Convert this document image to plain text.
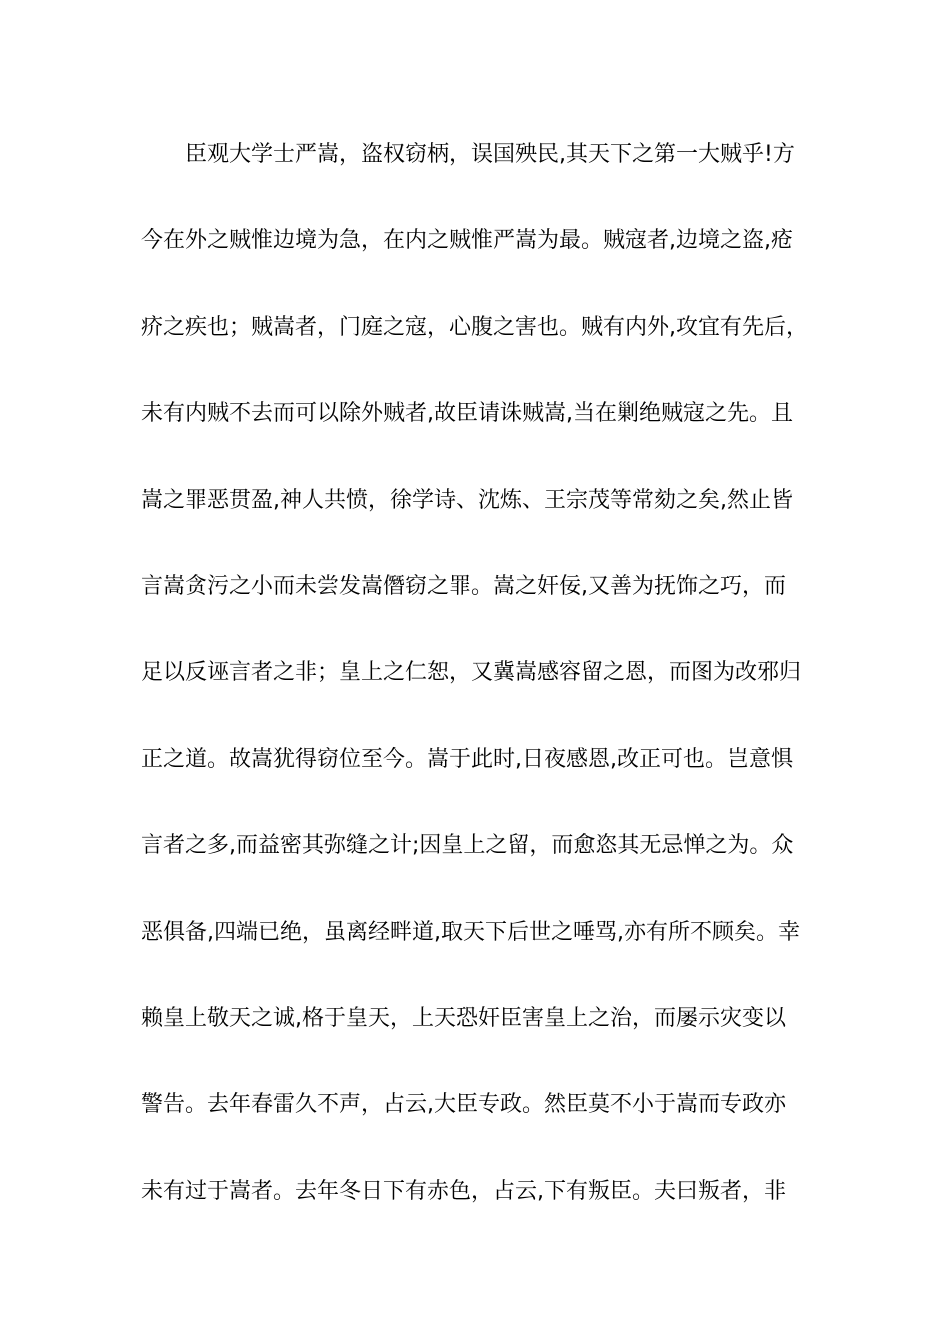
臣观大学士严嵩，盗权窃柄，误国殃民,其天下之第一大贼乎!方
今在外之贼惟边境为急，在内之贼惟严嵩为最。贼寇者,边境之盗,疮
疥之疾也；贼嵩者，门庭之寇，心腹之害也。贼有内外,攻宜有先后，
未有内贼不去而可以除外贼者,故臣请诛贼嵩,当在剿绝贼寇之先。且
嵩之罪恶贯盈,神人共愤，徐学诗、沈炼、王宗茂等常劾之矣,然止皆
言嵩贪污之小而未尝发嵩僭窃之罪。嵩之奸佞,又善为抚饰之巧，而
足以反诬言者之非；皇上之仁恕，又冀嵩感容留之恩，而图为改邪归
正之道。故嵩犹得窃位至今。嵩于此时,日夜感恩,改正可也。岂意惧
言者之多,而益密其弥缝之计;因皇上之留，而愈恣其无忌惮之为。众
恶俱备,四端已绝，虽离经畔道,取天下后世之唾骂,亦有所不顾矣。幸
赖皇上敬天之诚,格于皇天，上天恐奸臣害皇上之治，而屡示灾变以
警告。去年春雷久不声，占云,大臣专政。然臣莫不小于嵩而专政亦
未有过于嵩者。去年冬日下有赤色，占云,下有叛臣。夫曰叛者，非
